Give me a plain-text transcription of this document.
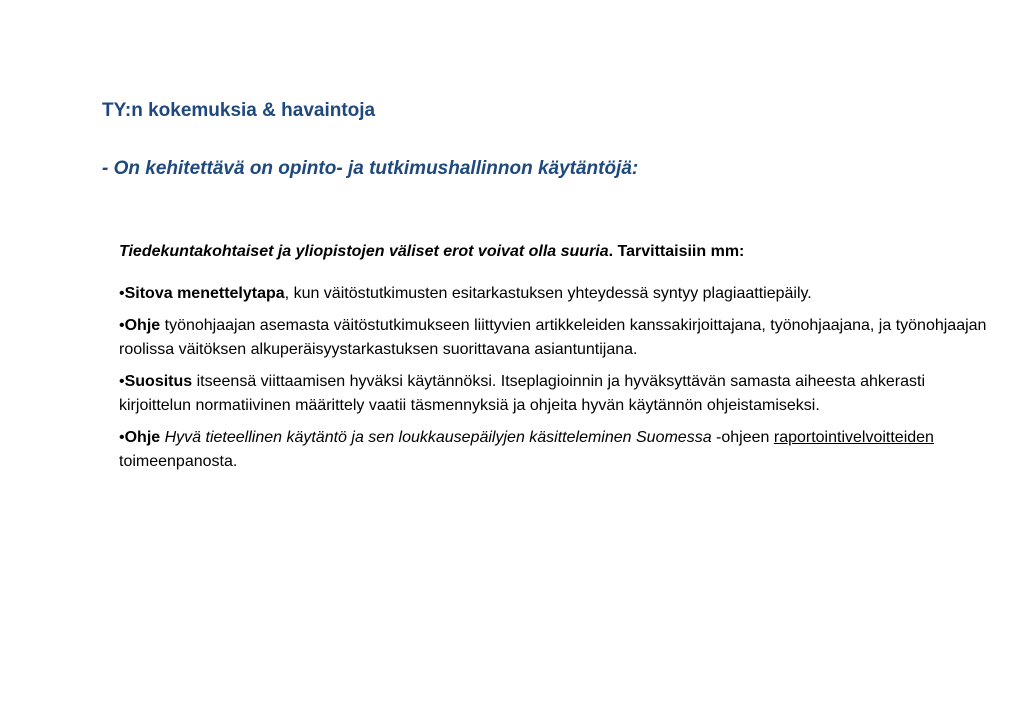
TY:n kokemuksia & havaintoja
- On kehitettävä on opinto- ja tutkimushallinnon käytäntöjä:

Tiedekuntakohtaiset ja yliopistojen väliset erot voivat olla suuria. Tarvittaisiin mm:

•Sitova menettelytapa, kun väitöstutkimusten esitarkastuksen yhteydessä syntyy plagiaattiepäily.

•Ohje työnohjaajan asemasta väitöstutkimukseen liittyvien artikkeleiden kanssakirjoittajana, työnohjaajana, ja työnohjaajan roolissa väitöksen alkuperäisyystarkastuksen suorittavana asiantuntijana.

•Suositus itseensä viittaamisen hyväksi käytännöksi. Itseplagioinnin ja hyväksyttävän samasta aiheesta ahkerasti kirjoittelun normatiivinen määrittely vaatii täsmennyksiä ja ohjeita hyvän käytännön ohjeistamiseksi.

•Ohje Hyvä tieteellinen käytäntö ja sen loukkausepäilyjen käsitteleminen Suomessa -ohjeen raportointivelvoitteiden toimeenpanosta.
